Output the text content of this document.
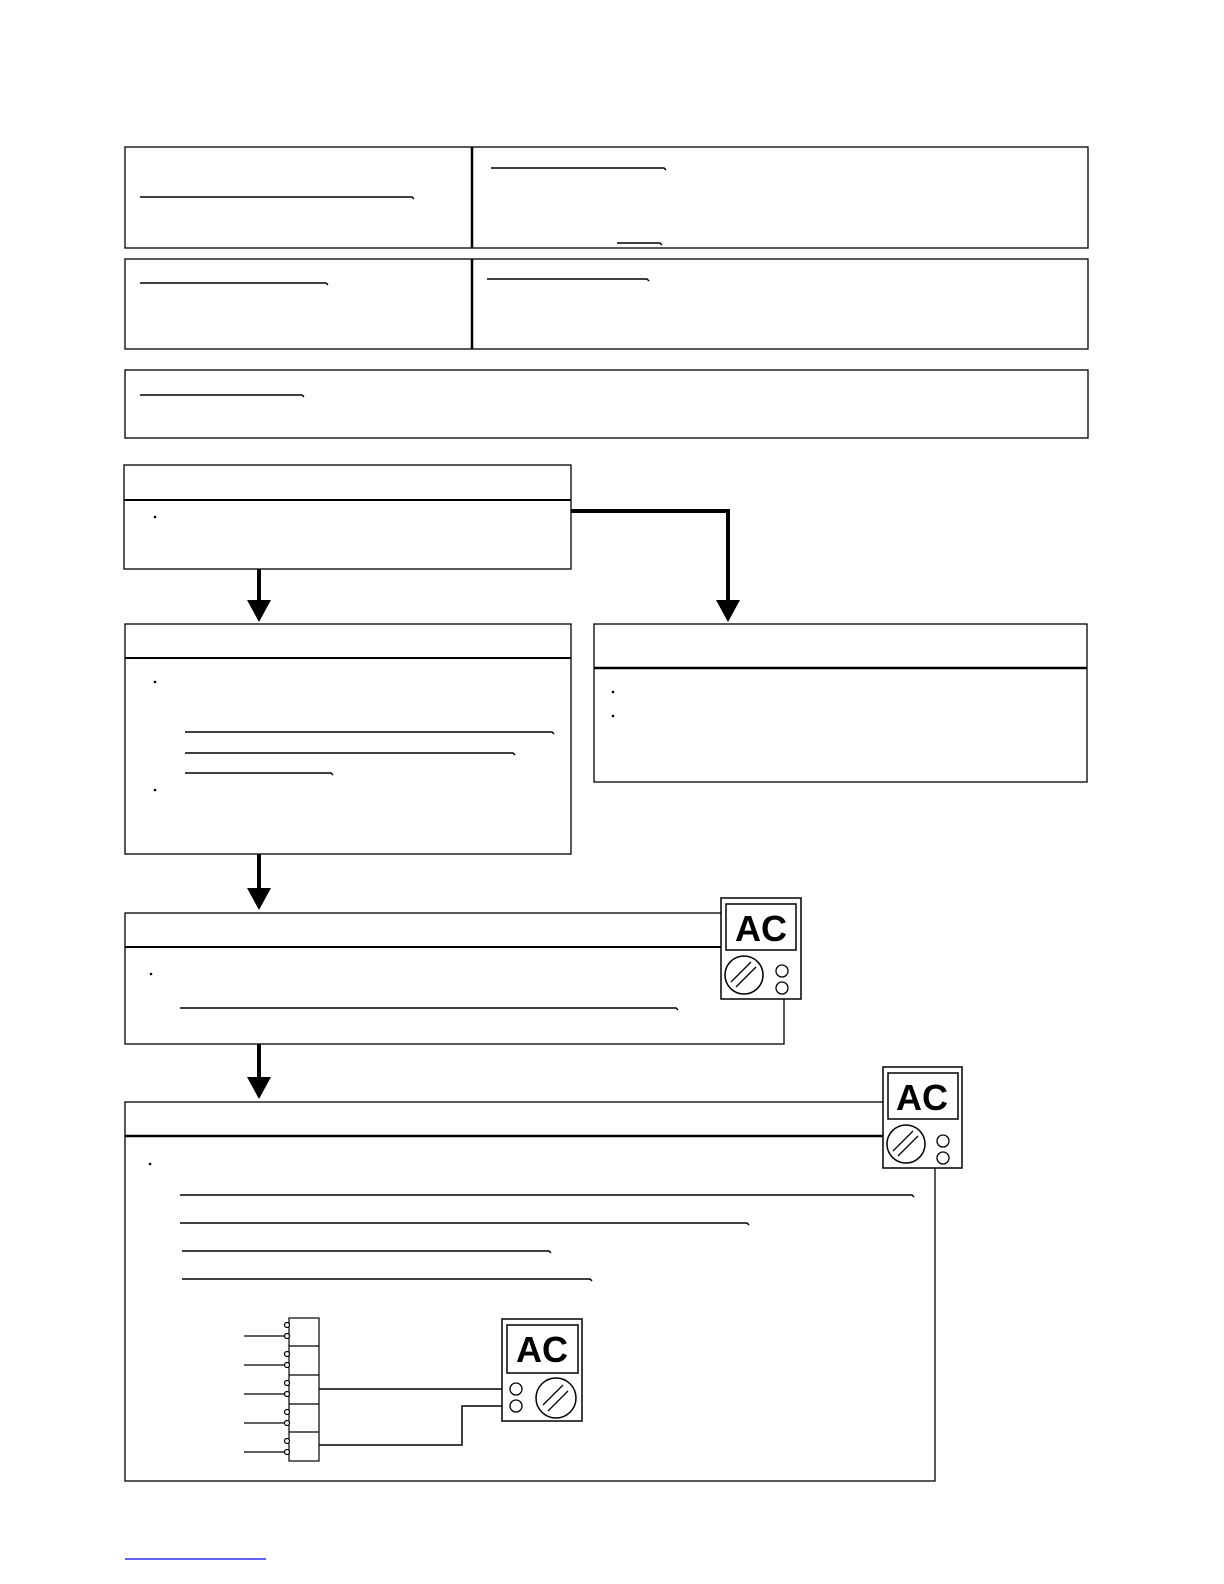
AC
AC
AC
